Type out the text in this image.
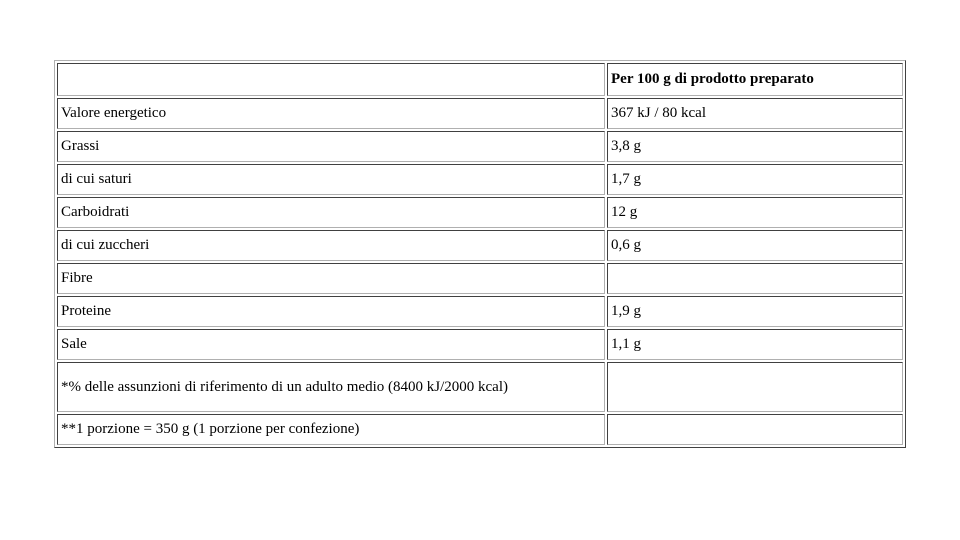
	Per 100 g di prodotto preparato
Valore energetico	367 kJ / 80 kcal
Grassi	3,8 g
di cui saturi	1,7 g
Carboidrati	12 g
di cui zuccheri	0,6 g
Fibre	
Proteine	1,9 g
Sale	1,1 g
*% delle assunzioni di riferimento di un adulto medio (8400 kJ/2000 kcal)	
**1 porzione = 350 g (1 porzione per confezione)	
